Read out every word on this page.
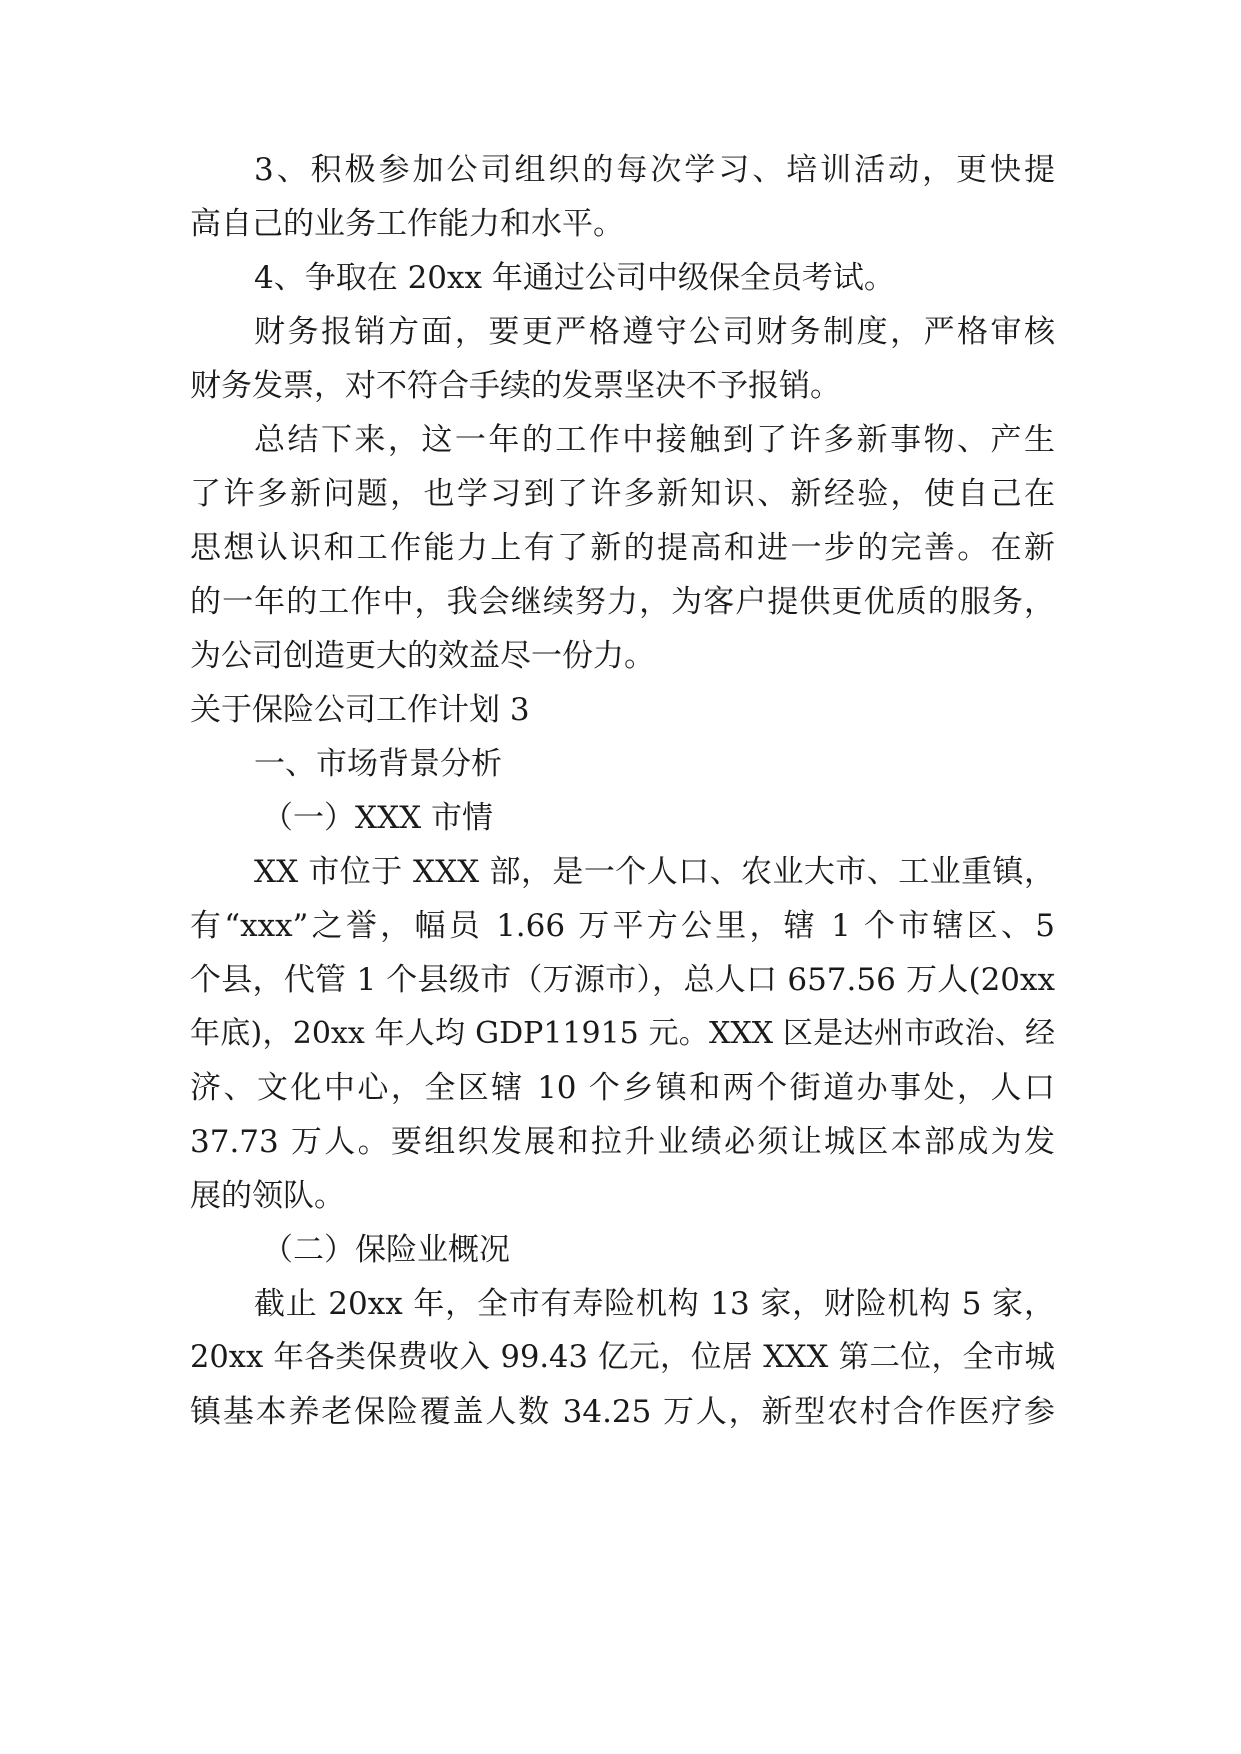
3、积极参加公司组织的每次学习、培训活动，更快提
高自己的业务工作能力和水平。
4、争取在 20xx 年通过公司中级保全员考试。
财务报销方面，要更严格遵守公司财务制度，严格审核
财务发票，对不符合手续的发票坚决不予报销。
总结下来，这一年的工作中接触到了许多新事物、产生
了许多新问题，也学习到了许多新知识、新经验，使自己在
思想认识和工作能力上有了新的提高和进一步的完善。在新
的一年的工作中，我会继续努力，为客户提供更优质的服务，
为公司创造更大的效益尽一份力。
关于保险公司工作计划 3
一、市场背景分析
（一）XXX 市情
XX 市位于 XXX 部，是一个人口、农业大市、工业重镇，
有“xxx”之誉，幅员 1.66 万平方公里，辖 1 个市辖区、5
个县，代管 1 个县级市（万源市），总人口 657.56 万人(20xx
年底)，20xx 年人均 GDP11915 元。XXX 区是达州市政治、经
济、文化中心，全区辖 10 个乡镇和两个街道办事处，人口
37.73 万人。要组织发展和拉升业绩必须让城区本部成为发
展的领队。
（二）保险业概况
截止 20xx 年，全市有寿险机构 13 家，财险机构 5 家，
20xx 年各类保费收入 99.43 亿元，位居 XXX 第二位，全市城
镇基本养老保险覆盖人数 34.25 万人，新型农村合作医疗参
